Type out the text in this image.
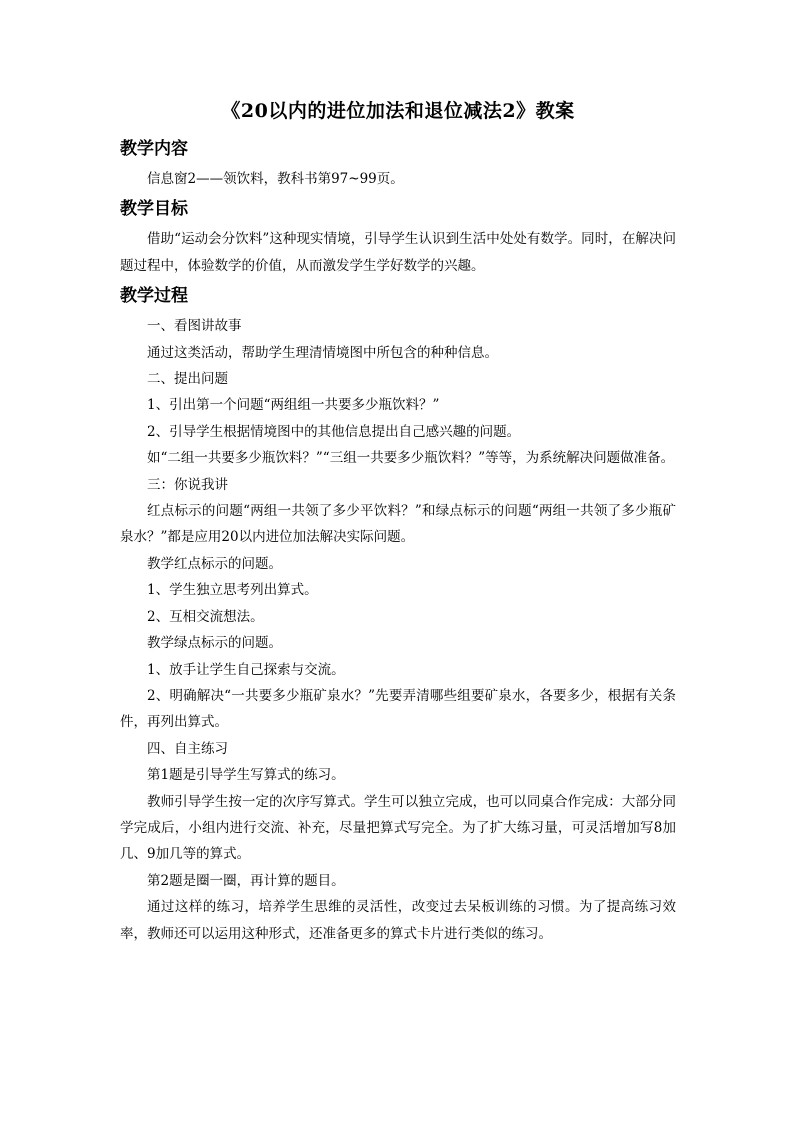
《20以内的进位加法和退位减法2》教案
教学内容

信息窗2——领饮料，教科书第97~99页。

教学目标

借助“运动会分饮料”这种现实情境，引导学生认识到生活中处处有数学。同时，在解决问题过程中，体验数学的价值，从而激发学生学好数学的兴趣。

教学过程

一、看图讲故事

通过这类活动，帮助学生理清情境图中所包含的种种信息。

二、提出问题

1、引出第一个问题“两组组一共要多少瓶饮料？”

2、引导学生根据情境图中的其他信息提出自己感兴趣的问题。

如“二组一共要多少瓶饮料？”“三组一共要多少瓶饮料？”等等，为系统解决问题做准备。

三：你说我讲

红点标示的问题“两组一共领了多少平饮料？”和绿点标示的问题“两组一共领了多少瓶矿泉水？”都是应用20以内进位加法解决实际问题。

教学红点标示的问题。

1、学生独立思考列出算式。

2、互相交流想法。

教学绿点标示的问题。

1、放手让学生自己探索与交流。

2、明确解决“一共要多少瓶矿泉水？”先要弄清哪些组要矿泉水，各要多少，根据有关条件，再列出算式。

四、自主练习

第1题是引导学生写算式的练习。

教师引导学生按一定的次序写算式。学生可以独立完成，也可以同桌合作完成：大部分同学完成后，小组内进行交流、补充，尽量把算式写完全。为了扩大练习量，可灵活增加写8加几、9加几等的算式。

第2题是圈一圈，再计算的题目。

通过这样的练习，培养学生思维的灵活性，改变过去呆板训练的习惯。为了提高练习效率，教师还可以运用这种形式，还准备更多的算式卡片进行类似的练习。
